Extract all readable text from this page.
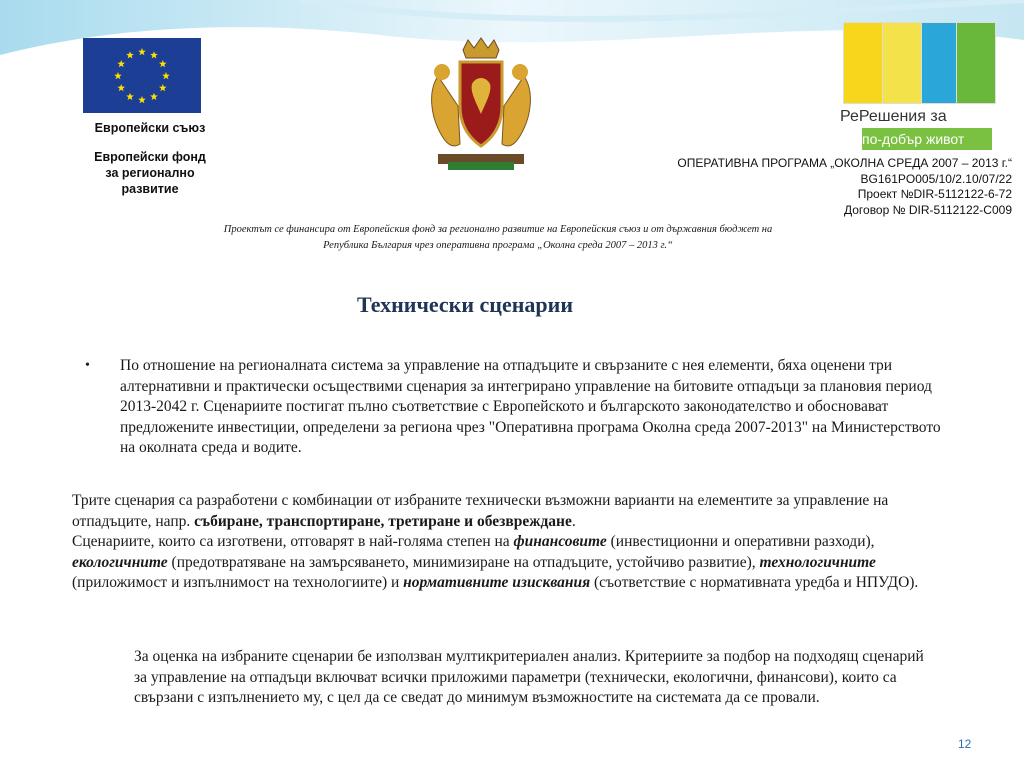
Европейски съюз
Европейски фонд
за регионално
развитие
РеРешения за
по-добър живот
ОПЕРАТИВНА ПРОГРАМА „ОКОЛНА СРЕДА 2007 – 2013 г.“
BG161PO005/10/2.10/07/22
Проект №DIR-5112122-6-72
Договор № DIR-5112122-C009
Проектът се финансира от Европейския фонд за регионално развитие на Европейския съюз и от държавния бюджет на
Република България чрез оперативна програма „Околна среда 2007 – 2013 г.“
Технически сценарии
• По отношение на регионалната система за управление на отпадъците и свързаните с нея елементи, бяха оценени три алтернативни и практически осъществими сценария за интегрирано управление на битовите отпадъци за плановия период 2013-2042 г. Сценариите постигат пълно съответствие с Европейското и българското законодателство и обосновават предложените инвестиции, определени за региона чрез "Оперативна програма Околна среда 2007-2013" на Министерството на околната среда и водите.
Трите сценария са разработени с комбинации от избраните технически възможни варианти на елементите за управление на отпадъците, напр. събиране, транспортиране, третиране и обезвреждане.
Сценариите, които са изготвени, отговарят в най-голяма степен на финансовите (инвестиционни и оперативни разходи), екологичните (предотвратяване на замърсяването, минимизиране на отпадъците, устойчиво развитие), технологичните (приложимост и изпълнимост на технологиите) и нормативните изисквания (съответствие с нормативната уредба и НПУДО).
За оценка на избраните сценарии бе използван мултикритериален анализ. Критериите за подбор на подходящ сценарий за управление на отпадъци включват всички приложими параметри (технически, екологични, финансови), които са свързани с изпълнението му, с цел да се сведат до минимум възможностите на системата да се провали.
12
